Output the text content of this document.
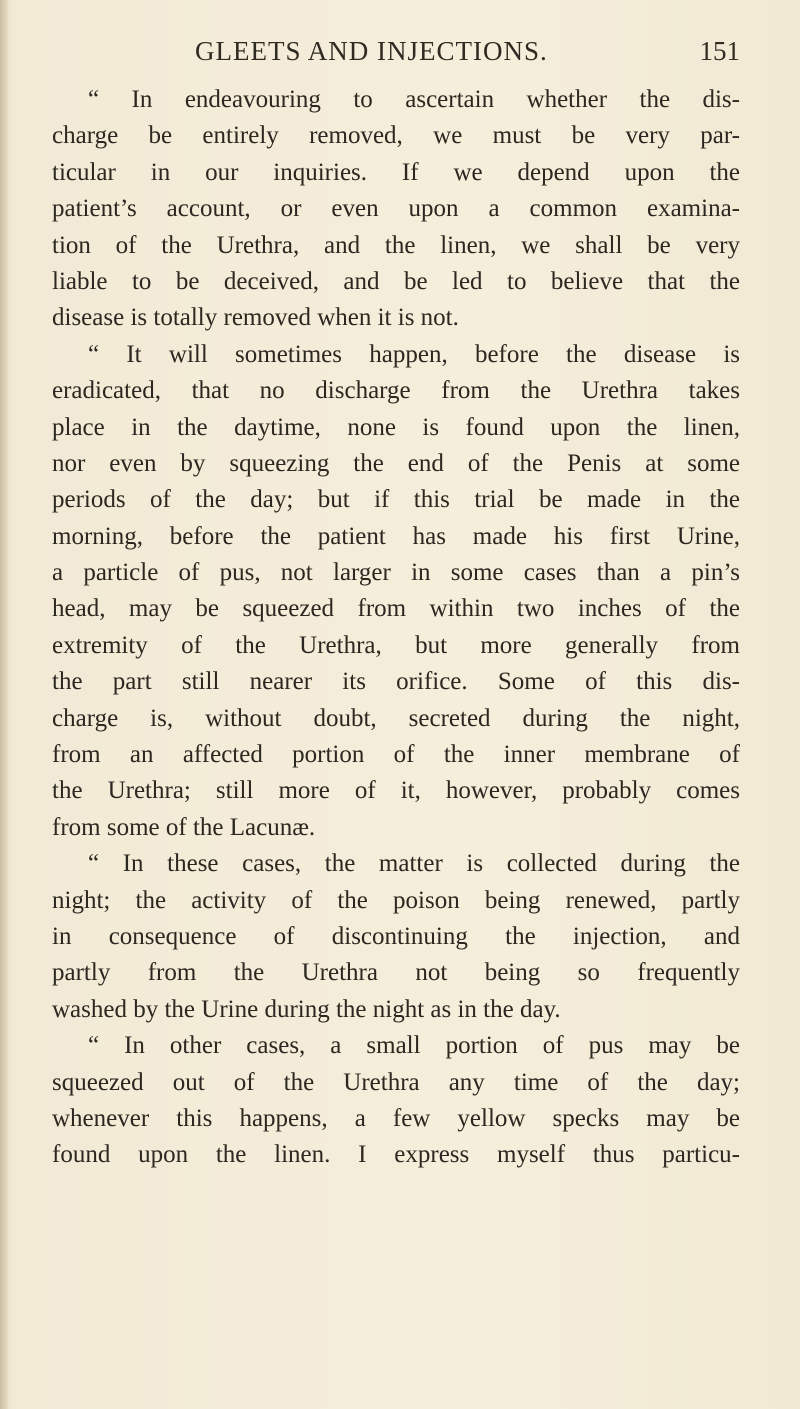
GLEETS AND INJECTIONS.	151
“ In endeavouring to ascertain whether the dis-
charge be entirely removed, we must be very par-
ticular in our inquiries. If we depend upon the
patient’s account, or even upon a common examina-
tion of the Urethra, and the linen, we shall be very
liable to be deceived, and be led to believe that the
disease is totally removed when it is not.
“ It will sometimes happen, before the disease is
eradicated, that no discharge from the Urethra takes
place in the daytime, none is found upon the linen,
nor even by squeezing the end of the Penis at some
periods of the day; but if this trial be made in the
morning, before the patient has made his first Urine,
a particle of pus, not larger in some cases than a pin’s
head, may be squeezed from within two inches of the
extremity of the Urethra, but more generally from
the part still nearer its orifice. Some of this dis-
charge is, without doubt, secreted during the night,
from an affected portion of the inner membrane of
the Urethra; still more of it, however, probably comes
from some of the Lacunæ.
“ In these cases, the matter is collected during the
night; the activity of the poison being renewed, partly
in consequence of discontinuing the injection, and
partly from the Urethra not being so frequently
washed by the Urine during the night as in the day.
“ In other cases, a small portion of pus may be
squeezed out of the Urethra any time of the day;
whenever this happens, a few yellow specks may be
found upon the linen. I express myself thus particu-
